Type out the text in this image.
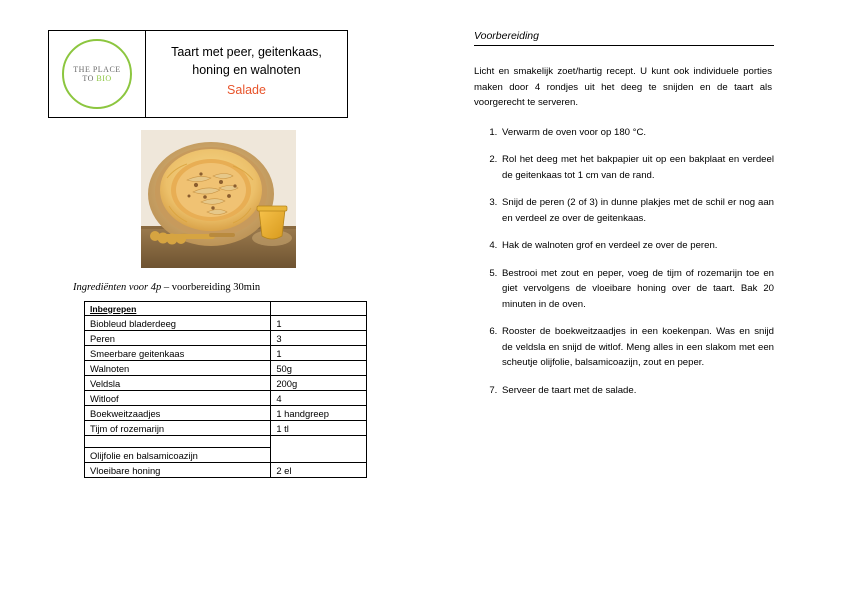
THE PLACE
TO BIO
Taart met peer, geitenkaas, honing en walnoten
Salade
Ingrediënten voor 4p – voorbereiding 30min
Inbegrepen	
Biobleud bladerdeeg	1
Peren	3
Smeerbare geitenkaas	1
Walnoten	50g
Veldsla	200g
Witloof	4
Boekweitzaadjes	1 handgreep
Tijm of rozemarijn	1 tl

Olijfolie en balsamicoazijn	
Vloeibare honing	2 el
Voorbereiding
Licht en smakelijk zoet/hartig recept. U kunt ook individuele porties maken door 4 rondjes uit het deeg te snijden en de taart als voorgerecht te serveren.
1. Verwarm de oven voor op 180 °C.
2. Rol het deeg met het bakpapier uit op een bakplaat en verdeel de geitenkaas tot 1 cm van de rand.
3. Snijd de peren (2 of 3) in dunne plakjes met de schil er nog aan en verdeel ze over de geitenkaas.
4. Hak de walnoten grof en verdeel ze over de peren.
5. Bestrooi met zout en peper, voeg de tijm of rozemarijn toe en giet vervolgens de vloeibare honing over de taart. Bak 20 minuten in de oven.
6. Rooster de boekweitzaadjes in een koekenpan. Was en snijd de veldsla en snijd de witlof. Meng alles in een slakom met een scheutje olijfolie, balsamicoazijn, zout en peper.
7. Serveer de taart met de salade.
